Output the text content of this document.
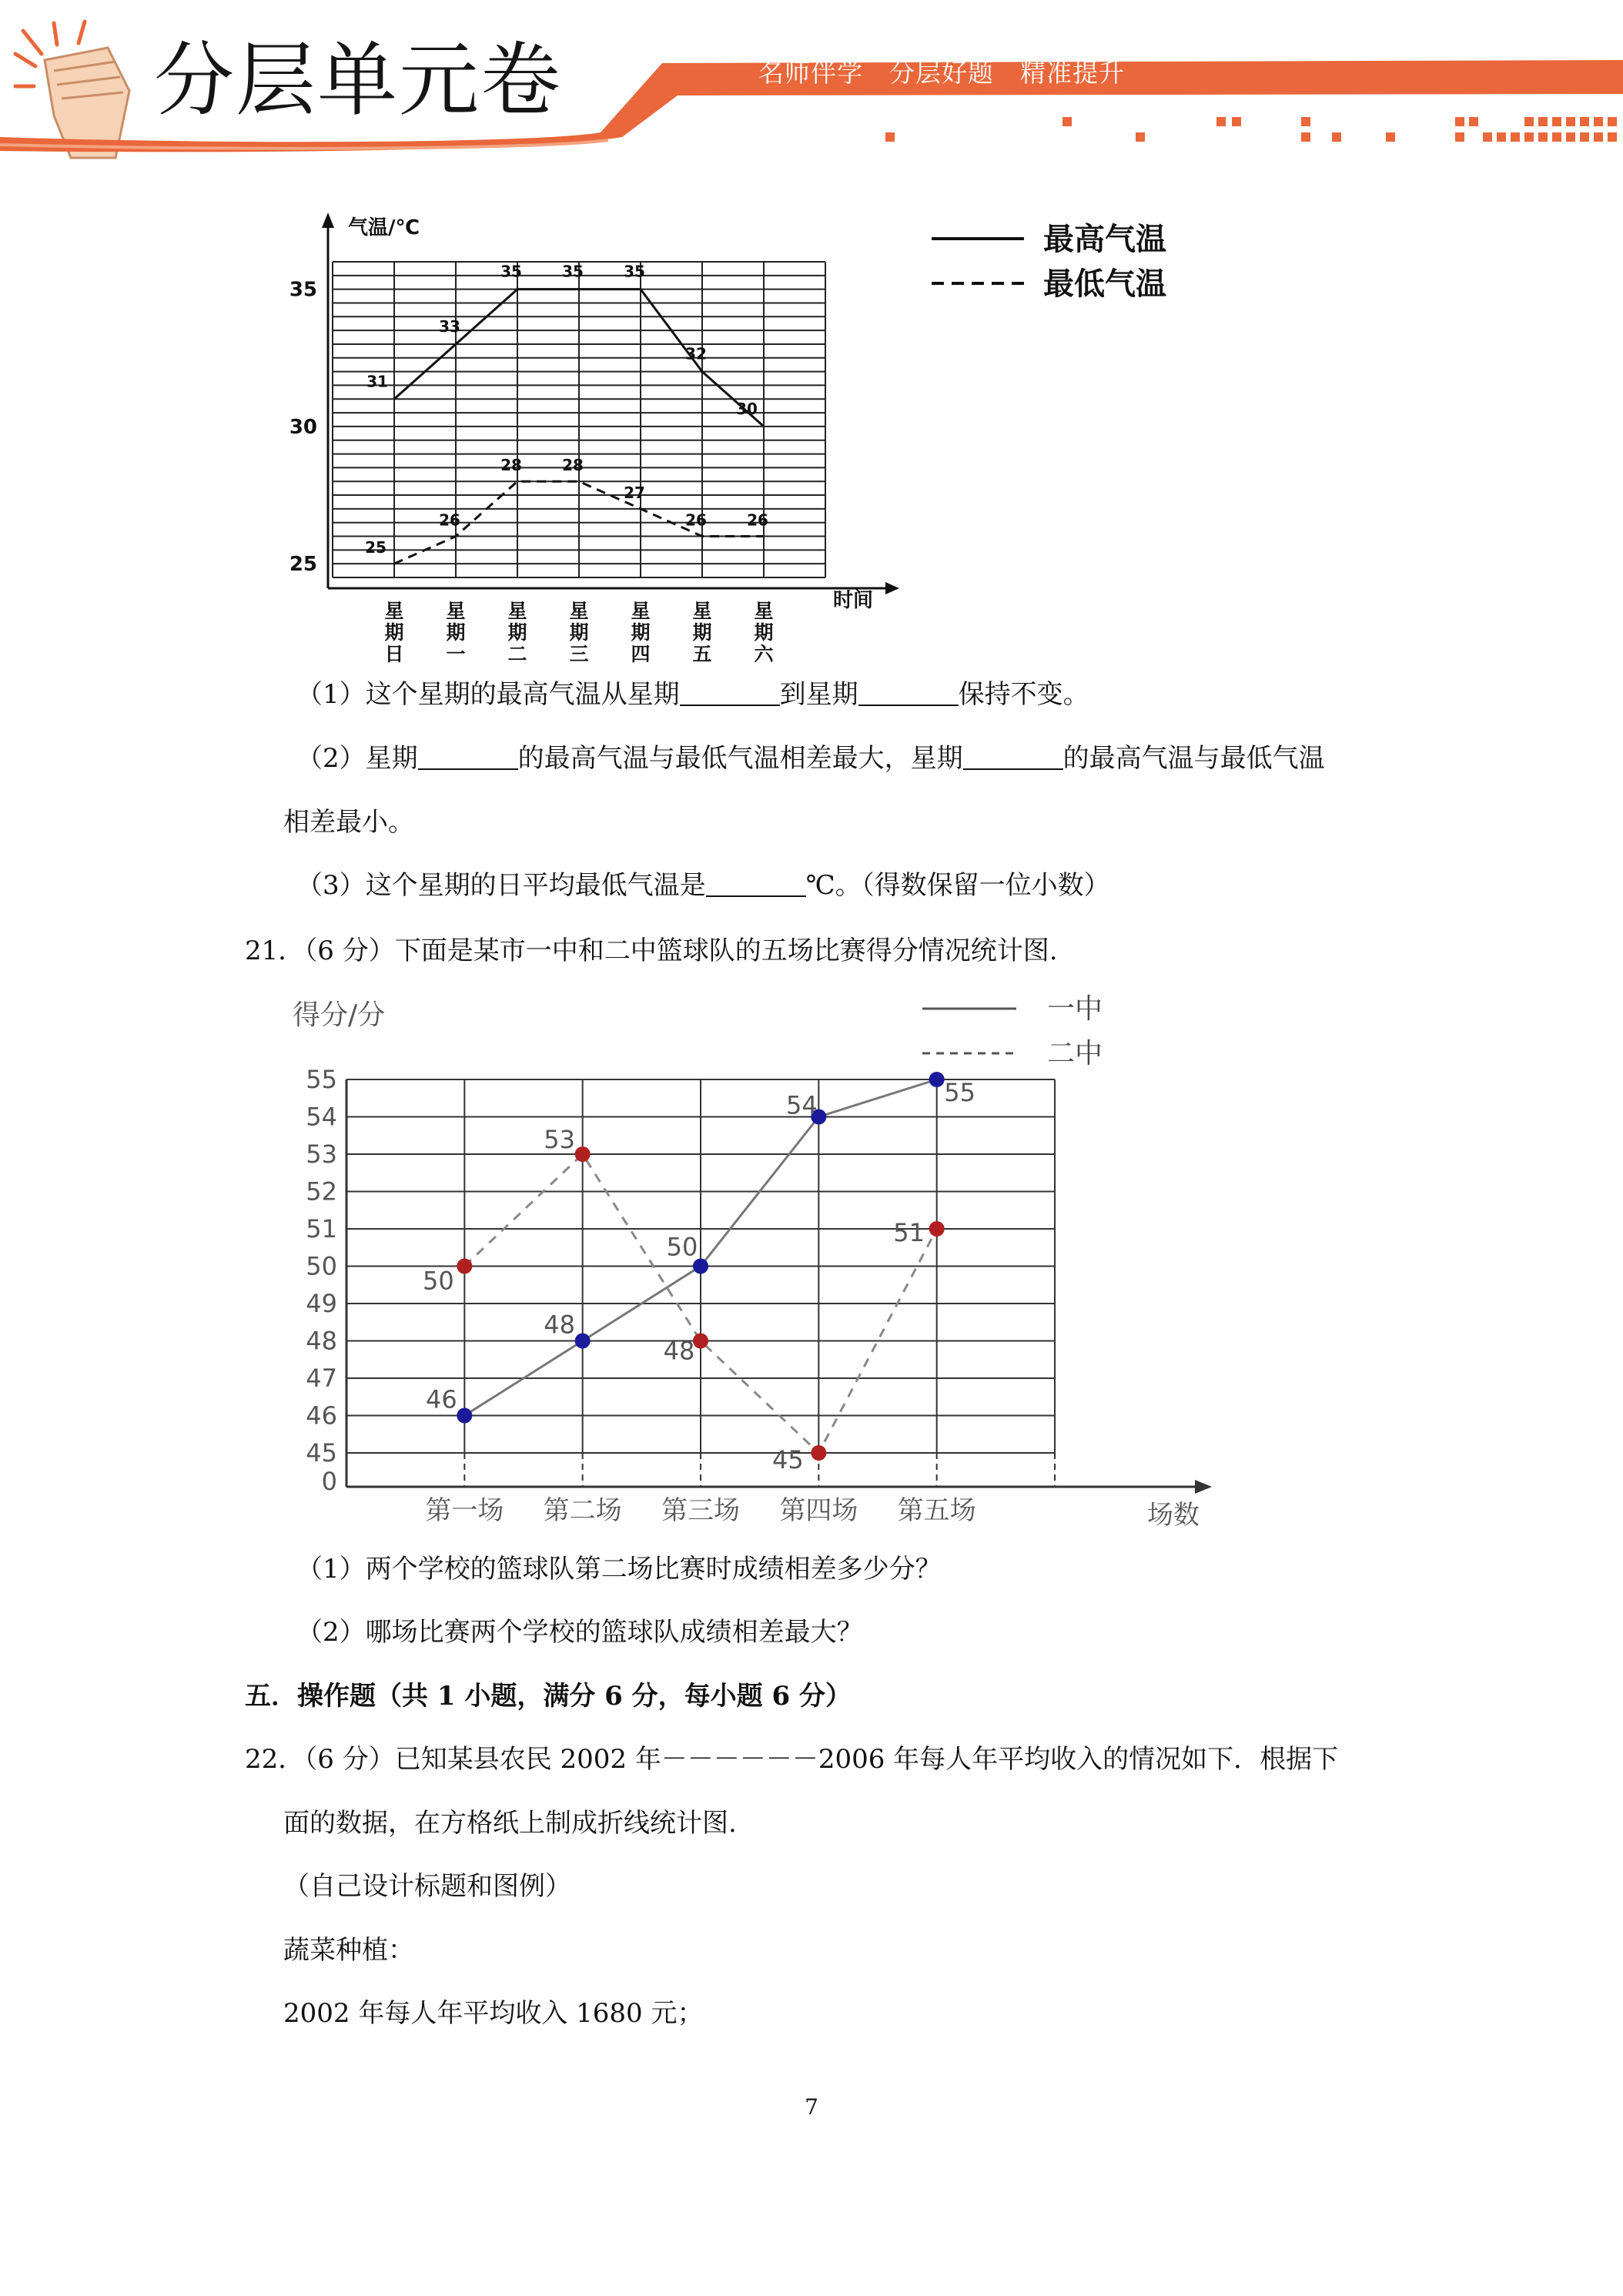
分层单元卷	名师伴学　分层好题　精准提升
气温/℃
时间
25
30
35
星期日
星期一
星期二
星期三
星期四
星期五
星期六
31
33
35	35	35
32
30
25
26
28	28
27
26	26
最高气温
最低气温
（1）这个星期的最高气温从星期	到星期	保持不变。
（2）星期	的最高气温与最低气温相差最大，星期	的最高气温与最低气温
相差最小。
（3）这个星期的日平均最低气温是	℃。（得数保留一位小数）
21．（6 分）下面是某市一中和二中篮球队的五场比赛得分情况统计图.
得分/分
场数
45
46
47
48
49
50
51
52
53
54
55
0
第一场 第二场 第三场 第四场 第五场
46
48
50
54	55
50
53
48
45
51
一中
二中
（1）两个学校的篮球队第二场比赛时成绩相差多少分？
（2）哪场比赛两个学校的篮球队成绩相差最大？
五．操作题（共 1 小题，满分 6 分，每小题 6 分）
22．（6 分）已知某县农民 2002 年－－－－－－2006 年每人年平均收入的情况如下．根据下
面的数据，在方格纸上制成折线统计图.
（自己设计标题和图例）
蔬菜种植：
2002 年每人年平均收入 1680 元；
7
